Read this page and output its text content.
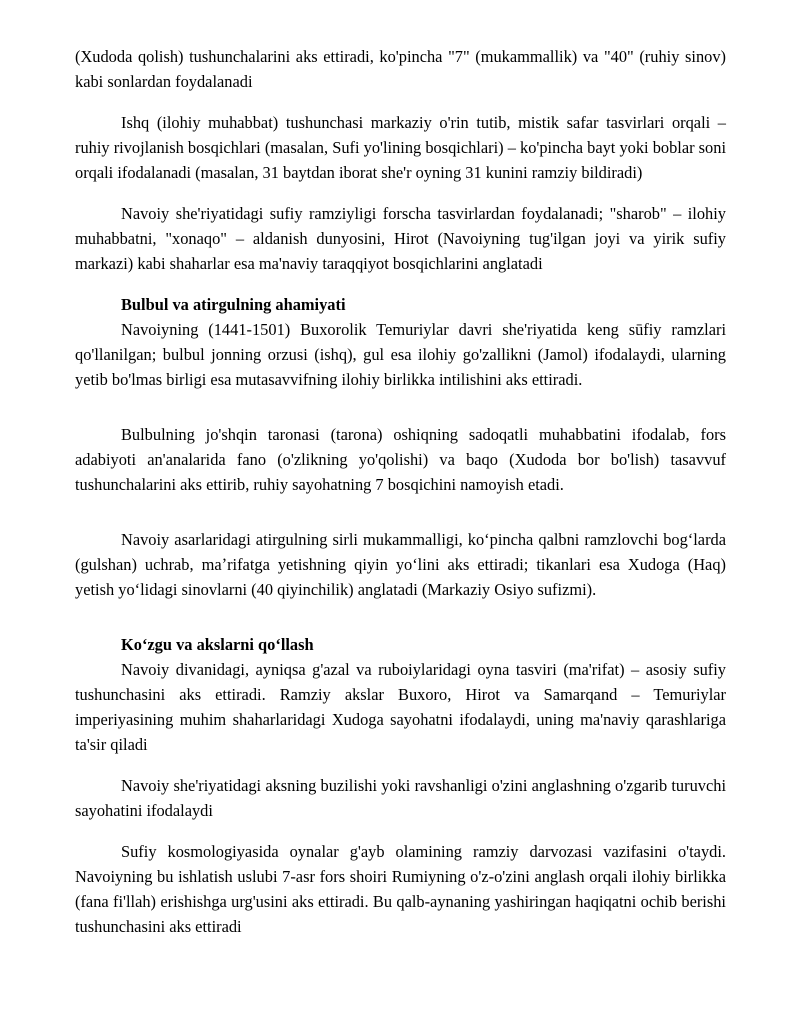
(Xudoda qolish) tushunchalarini aks ettiradi, ko'pincha "7" (mukammallik) va "40" (ruhiy sinov) kabi sonlardan foydalanadi

Ishq (ilohiy muhabbat) tushunchasi markaziy o'rin tutib, mistik safar tasvirlari orqali – ruhiy rivojlanish bosqichlari (masalan, Sufi yo'lining bosqichlari) – ko'pincha bayt yoki boblar soni orqali ifodalanadi (masalan, 31 baytdan iborat she'r oyning 31 kunini ramziy bildiradi)

Navoiy she'riyatidagi sufiy ramziyligi forscha tasvirlardan foydalanadi; "sharob" – ilohiy muhabbatni, "xonaqo" – aldanish dunyosini, Hirot (Navoiyning tug'ilgan joyi va yirik sufiy markazi) kabi shaharlar esa ma'naviy taraqqiyot bosqichlarini anglatadi

Bulbul va atirgulning ahamiyati

Navoiyning (1441-1501) Buxorolik Temuriylar davri she'riyatida keng sūfiy ramzlari qo'llanilgan; bulbul jonning orzusi (ishq), gul esa ilohiy go'zallikni (Jamol) ifodalaydi, ularning yetib bo'lmas birligi esa mutasavvifning ilohiy birlikka intilishini aks ettiradi.

Bulbulning jo'shqin taronasi (tarona) oshiqning sadoqatli muhabbatini ifodalab, fors adabiyoti an'analarida fano (o'zlikning yo'qolishi) va baqo (Xudoda bor bo'lish) tasavvuf tushunchalarini aks ettirib, ruhiy sayohatning 7 bosqichini namoyish etadi.

Navoiy asarlaridagi atirgulning sirli mukammalligi, koʻpincha qalbni ramzlovchi bogʻlarda (gulshan) uchrab, maʼrifatga yetishning qiyin yoʻlini aks ettiradi; tikanlari esa Xudoga (Haq) yetish yoʻlidagi sinovlarni (40 qiyinchilik) anglatadi (Markaziy Osiyo sufizmi).

Koʻzgu va akslarni qoʻllash

Navoiy divanidagi, ayniqsa g'azal va ruboiylaridagi oyna tasviri (ma'rifat) – asosiy sufiy tushunchasini aks ettiradi. Ramziy akslar Buxoro, Hirot va Samarqand – Temuriylar imperiyasining muhim shaharlaridagi Xudoga sayohatni ifodalaydi, uning ma'naviy qarashlariga ta'sir qiladi

Navoiy she'riyatidagi aksning buzilishi yoki ravshanligi o'zini anglashning o'zgarib turuvchi sayohatini ifodalaydi

Sufiy kosmologiyasida oynalar g'ayb olamining ramziy darvozasi vazifasini o'taydi. Navoiyning bu ishlatish uslubi 7-asr fors shoiri Rumiyning o'z-o'zini anglash orqali ilohiy birlikka (fana fi'llah) erishishga urg'usini aks ettiradi. Bu qalb-aynaning yashiringan haqiqatni ochib berishi tushunchasini aks ettiradi
